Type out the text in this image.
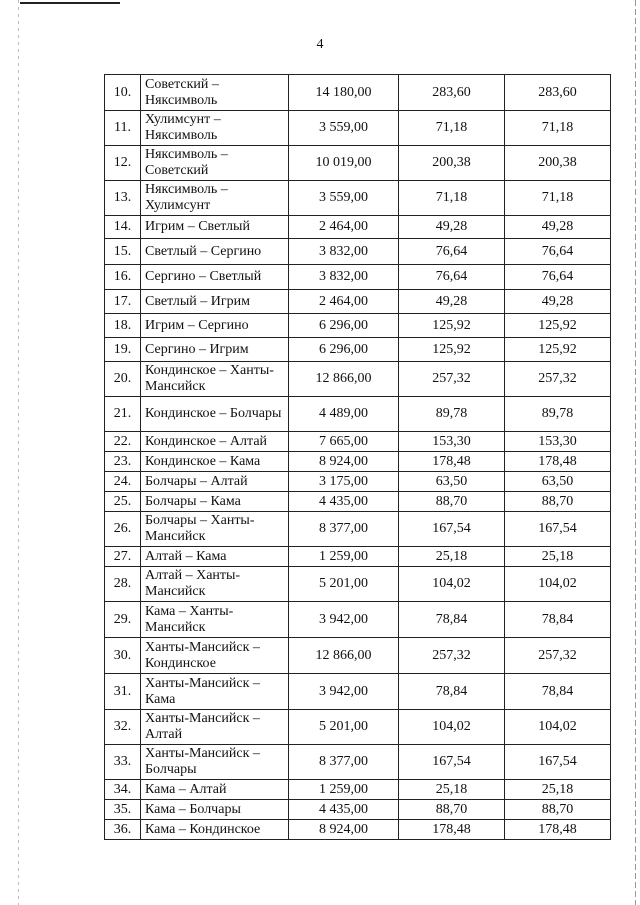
4
10.	Советский – Няксимволь	14 180,00	283,60	283,60
11.	Хулимсунт – Няксимволь	3 559,00	71,18	71,18
12.	Няксимволь – Советский	10 019,00	200,38	200,38
13.	Няксимволь – Хулимсунт	3 559,00	71,18	71,18
14.	Игрим – Светлый	2 464,00	49,28	49,28
15.	Светлый – Сергино	3 832,00	76,64	76,64
16.	Сергино – Светлый	3 832,00	76,64	76,64
17.	Светлый – Игрим	2 464,00	49,28	49,28
18.	Игрим – Сергино	6 296,00	125,92	125,92
19.	Сергино – Игрим	6 296,00	125,92	125,92
20.	Кондинское – Ханты-Мансийск	12 866,00	257,32	257,32
21.	Кондинское – Болчары	4 489,00	89,78	89,78
22.	Кондинское – Алтай	7 665,00	153,30	153,30
23.	Кондинское – Кама	8 924,00	178,48	178,48
24.	Болчары – Алтай	3 175,00	63,50	63,50
25.	Болчары – Кама	4 435,00	88,70	88,70
26.	Болчары – Ханты-Мансийск	8 377,00	167,54	167,54
27.	Алтай – Кама	1 259,00	25,18	25,18
28.	Алтай – Ханты-Мансийск	5 201,00	104,02	104,02
29.	Кама – Ханты-Мансийск	3 942,00	78,84	78,84
30.	Ханты-Мансийск – Кондинское	12 866,00	257,32	257,32
31.	Ханты-Мансийск – Кама	3 942,00	78,84	78,84
32.	Ханты-Мансийск – Алтай	5 201,00	104,02	104,02
33.	Ханты-Мансийск – Болчары	8 377,00	167,54	167,54
34.	Кама – Алтай	1 259,00	25,18	25,18
35.	Кама – Болчары	4 435,00	88,70	88,70
36.	Кама – Кондинское	8 924,00	178,48	178,48
